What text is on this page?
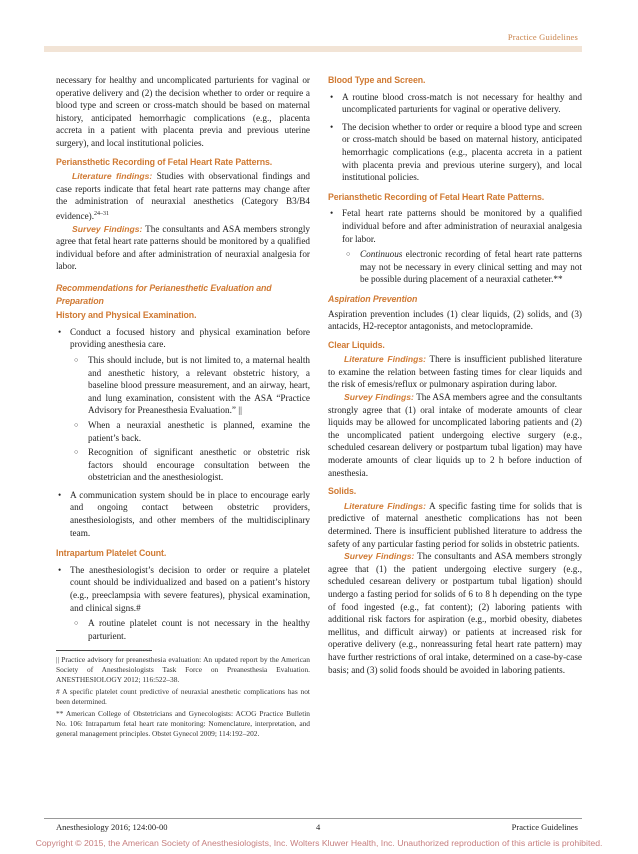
Practice Guidelines

necessary for healthy and uncomplicated parturients for vaginal or operative delivery and (2) the decision whether to order or require a blood type and screen or cross-match should be based on maternal history, anticipated hemorrhagic complications (e.g., placenta accreta in a patient with placenta previa and previous uterine surgery), and local institutional policies.

Periansthetic Recording of Fetal Heart Rate Patterns.

Literature findings: Studies with observational findings and case reports indicate that fetal heart rate patterns may change after the administration of neuraxial anesthetics (Category B3/B4 evidence).$^{24-31}$

Survey Findings: The consultants and ASA members strongly agree that fetal heart rate patterns should be monitored by a qualified individual before and after administration of neuraxial analgesia for labor.

Recommendations for Perianesthetic Evaluation and Preparation
History and Physical Examination.
• Conduct a focused history and physical examination before providing anesthesia care.
○ This should include, but is not limited to, a maternal health and anesthetic history, a relevant obstetric history, a baseline blood pressure measurement, and an airway, heart, and lung examination, consistent with the ASA “Practice Advisory for Preanesthesia Evaluation.” ||
○ When a neuraxial anesthetic is planned, examine the patient’s back.
○ Recognition of significant anesthetic or obstetric risk factors should encourage consultation between the obstetrician and the anesthesiologist.
• A communication system should be in place to encourage early and ongoing contact between obstetric providers, anesthesiologists, and other members of the multidisciplinary team.
Intrapartum Platelet Count.
• The anesthesiologist’s decision to order or require a platelet count should be individualized and based on a patient’s history (e.g., preeclampsia with severe features), physical examination, and clinical signs.#
○ A routine platelet count is not necessary in the healthy parturient.

|| Practice advisory for preanesthesia evaluation: An updated report by the American Society of Anesthesiologists Task Force on Preanesthesia Evaluation. ANESTHESIOLOGY 2012; 116:522–38.

# A specific platelet count predictive of neuraxial anesthetic complications has not been determined.

** American College of Obstetricians and Gynecologists: ACOG Practice Bulletin No. 106: Intrapartum fetal heart rate monitoring: Nomenclature, interpretation, and general management principles. Obstet Gynecol 2009; 114:192–202.

Blood Type and Screen.
• A routine blood cross-match is not necessary for healthy and uncomplicated parturients for vaginal or operative delivery.
• The decision whether to order or require a blood type and screen or cross-match should be based on maternal history, anticipated hemorrhagic complications (e.g., placenta accreta in a patient with placenta previa and previous uterine surgery), and local institutional policies.
Periansthetic Recording of Fetal Heart Rate Patterns.
• Fetal heart rate patterns should be monitored by a qualified individual before and after administration of neuraxial analgesia for labor.
○ Continuous electronic recording of fetal heart rate patterns may not be necessary in every clinical setting and may not be possible during placement of a neuraxial catheter.**
Aspiration Prevention

Aspiration prevention includes (1) clear liquids, (2) solids, and (3) antacids, H2-receptor antagonists, and metoclopramide.

Clear Liquids.

Literature Findings: There is insufficient published literature to examine the relation between fasting times for clear liquids and the risk of emesis/reflux or pulmonary aspiration during labor.

Survey Findings: The ASA members agree and the consultants strongly agree that (1) oral intake of moderate amounts of clear liquids may be allowed for uncomplicated laboring patients and (2) the uncomplicated patient undergoing elective surgery (e.g., scheduled cesarean delivery or postpartum tubal ligation) may have moderate amounts of clear liquids up to 2 h before induction of anesthesia.

Solids.

Literature Findings: A specific fasting time for solids that is predictive of maternal anesthetic complications has not been determined. There is insufficient published literature to address the safety of any particular fasting period for solids in obstetric patients.

Survey Findings: The consultants and ASA members strongly agree that (1) the patient undergoing elective surgery (e.g., scheduled cesarean delivery or postpartum tubal ligation) should undergo a fasting period for solids of 6 to 8 h depending on the type of food ingested (e.g., fat content); (2) laboring patients with additional risk factors for aspiration (e.g., morbid obesity, diabetes mellitus, and difficult airway) or patients at increased risk for operative delivery (e.g., nonreassuring fetal heart rate pattern) may have further restrictions of oral intake, determined on a case-by-case basis; and (3) solid foods should be avoided in laboring patients.

Anesthesiology 2016; 124:00-00	4	Practice Guidelines
Copyright © 2015, the American Society of Anesthesiologists, Inc. Wolters Kluwer Health, Inc. Unauthorized reproduction of this article is prohibited.
